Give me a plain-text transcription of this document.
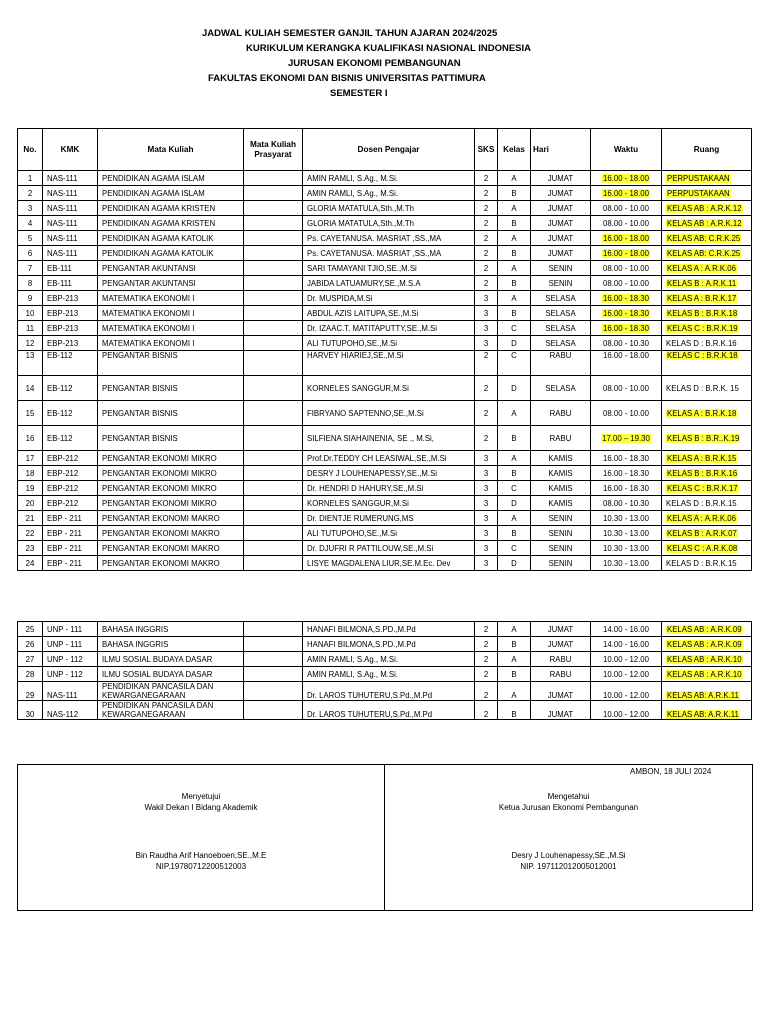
JADWAL KULIAH SEMESTER GANJIL TAHUN AJARAN 2024/2025
KURIKULUM KERANGKA KUALIFIKASI NASIONAL INDONESIA
JURUSAN EKONOMI PEMBANGUNAN
FAKULTAS EKONOMI DAN BISNIS UNIVERSITAS PATTIMURA
SEMESTER I
No.	KMK	Mata Kuliah	Mata Kuliah Prasyarat	Dosen Pengajar	SKS	Kelas	Hari	Waktu	Ruang
1	NAS-111	PENDIDIKAN AGAMA ISLAM		AMIN RAMLI, S.Ag., M.Si.	2	A	JUMAT	16.00 - 18.00	PERPUSTAKAAN
2	NAS-111	PENDIDIKAN AGAMA ISLAM		AMIN RAMLI, S.Ag., M.Si.	2	B	JUMAT	16.00 - 18.00	PERPUSTAKAAN
3	NAS-111	PENDIDIKAN AGAMA KRISTEN		GLORIA MATATULA,Sth.,M.Th	2	A	JUMAT	08.00 - 10.00	KELAS AB : A.R.K.12
4	NAS-111	PENDIDIKAN AGAMA KRISTEN		GLORIA MATATULA,Sth.,M.Th	2	B	JUMAT	08.00 - 10.00	KELAS AB : A.R.K.12
5	NAS-111	PENDIDIKAN AGAMA KATOLIK		Ps. CAYETANUSA. MASRIAT ,SS.,MA	2	A	JUMAT	16.00 - 18.00	KELAS AB: C.R.K.25
6	NAS-111	PENDIDIKAN AGAMA KATOLIK		Ps. CAYETANUSA. MASRIAT ,SS.,MA	2	B	JUMAT	16.00 - 18.00	KELAS AB: C.R.K.25
7	EB-111	PENGANTAR AKUNTANSI		SARI TAMAYANI TJIO,SE.,M.Si	2	A	SENIN	08.00 - 10.00	KELAS A : A.R.K.06
8	EB-111	PENGANTAR AKUNTANSI		JABIDA LATUAMURY,SE.,M.S.A	2	B	SENIN	08.00 - 10.00	KELAS B : A.R.K.11
9	EBP-213	MATEMATIKA EKONOMI I		Dr. MUSPIDA,M.Si	3	A	SELASA	16.00 - 18.30	KELAS A : B.R.K.17
10	EBP-213	MATEMATIKA EKONOMI I		ABDUL AZIS LAITUPA,SE.,M.Si	3	B	SELASA	16.00 - 18.30	KELAS B : B.R.K.18
11	EBP-213	MATEMATIKA EKONOMI I		Dr. IZAAC.T. MATITAPUTTY,SE.,M.Si	3	C	SELASA	16.00 - 18.30	KELAS C : B.R.K.19
12	EBP-213	MATEMATIKA EKONOMI I		ALI TUTUPOHO,SE.,M.Si	3	D	SELASA	08.00 - 10.30	KELAS D : B.R.K.16
13	EB-112	PENGANTAR BISNIS		HARVEY HIARIEJ,SE.,M.Si	2	C	RABU	16.00 - 18.00	KELAS C : B.R.K.18
14	EB-112	PENGANTAR BISNIS		KORNELES SANGGUR,M.Si	2	D	SELASA	08.00 - 10.00	KELAS D : B.R.K. 15
15	EB-112	PENGANTAR BISNIS		FIBRYANO SAPTENNO,SE.,M.Si	2	A	RABU	08.00 - 10.00	KELAS A : B.R.K.18
16	EB-112	PENGANTAR BISNIS		SILFIENA SIAHAINENIA, SE ., M.Si,	2	B	RABU	17.00 – 19.30	KELAS B : B.R..K.19
17	EBP-212	PENGANTAR EKONOMI MIKRO		Prof.Dr.TEDDY CH LEASIWAL,SE.,M.Si	3	A	KAMIS	16.00 - 18.30	KELAS A : B.R.K.15
18	EBP-212	PENGANTAR EKONOMI MIKRO		DESRY J LOUHENAPESSY,SE.,M.Si	3	B	KAMIS	16.00 - 18.30	KELAS B : B.R.K.16
19	EBP-212	PENGANTAR EKONOMI MIKRO		Dr. HENDRI D HAHURY,SE.,M.Si	3	C	KAMIS	16.00 - 18.30	KELAS C : B.R.K.17
20	EBP-212	PENGANTAR EKONOMI MIKRO		KORNELES SANGGUR,M.Si	3	D	KAMIS	08.00 - 10.30	KELAS D : B.R.K.15
21	EBP - 211	PENGANTAR EKONOMI MAKRO		Dr. DIENTJE RUMERUNG,MS	3	A	SENIN	10.30 - 13.00	KELAS A : A.R.K.06
22	EBP - 211	PENGANTAR EKONOMI MAKRO		ALI TUTUPOHO,SE.,M.Si	3	B	SENIN	10.30 - 13.00	KELAS B : A.R.K.07
23	EBP - 211	PENGANTAR EKONOMI MAKRO		Dr. DJUFRI R PATTILOUW,SE.,M.Si	3	C	SENIN	10.30 - 13.00	KELAS C : A.R.K.08
24	EBP - 211	PENGANTAR EKONOMI MAKRO		LISYE MAGDALENA LIUR,SE.M.Ec. Dev	3	D	SENIN	10.30 - 13.00	KELAS D : B.R.K.15
25	UNP - 111	BAHASA INGGRIS		HANAFI BILMONA,S.PD.,M.Pd	2	A	JUMAT	14.00 - 16.00	KELAS AB : A.R.K.09
26	UNP - 111	BAHASA INGGRIS		HANAFI BILMONA,S.PD.,M.Pd	2	B	JUMAT	14.00 - 16.00	KELAS AB : A.R.K.09
27	UNP - 112	ILMU SOSIAL BUDAYA DASAR		AMIN RAMLI, S.Ag., M.Si.	2	A	RABU	10.00 - 12.00	KELAS AB : A.R.K.10
28	UNP - 112	ILMU SOSIAL BUDAYA DASAR		AMIN RAMLI, S.Ag., M.Si.	2	B	RABU	10.00 - 12.00	KELAS AB : A.R.K.10
29	NAS-111	PENDIDIKAN PANCASILA DAN KEWARGANEGARAAN		Dr. LAROS TUHUTERU,S.Pd.,M.Pd	2	A	JUMAT	10.00 - 12.00	KELAS AB: A.R.K.11
30	NAS-112	PENDIDIKAN PANCASILA DAN KEWARGANEGARAAN		Dr. LAROS TUHUTERU,S.Pd.,M.Pd	2	B	JUMAT	10.00 - 12.00	KELAS AB: A.R.K.11
AMBON, 18 JULI 2024
Menyetujui
Wakil Dekan I Bidang Akademik
Bin Raudha Arif Hanoeboen,SE.,M.E
NIP.19780712200512003
Mengetahui
Ketua Jurusan Ekonomi Pembangunan
Desry J Louhenapessy,SE.,M.Si
NIP. 197112012005012001
